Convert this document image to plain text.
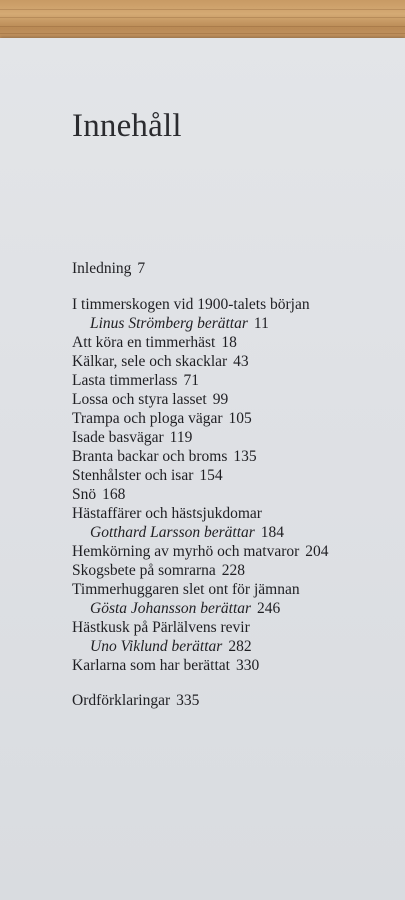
Innehåll
Inledning 7
I timmerskogen vid 1900-talets början
Linus Strömberg berättar 11
Att köra en timmerhäst 18
Kälkar, sele och skacklar 43
Lasta timmerlass 71
Lossa och styra lasset 99
Trampa och ploga vägar 105
Isade basvägar 119
Branta backar och broms 135
Stenhålster och isar 154
Snö 168
Hästaffärer och hästsjukdomar
Gotthard Larsson berättar 184
Hemkörning av myrhö och matvaror 204
Skogsbete på somrarna 228
Timmerhuggaren slet ont för jämnan
Gösta Johansson berättar 246
Hästkusk på Pärlälvens revir
Uno Viklund berättar 282
Karlarna som har berättat 330
Ordförklaringar 335
